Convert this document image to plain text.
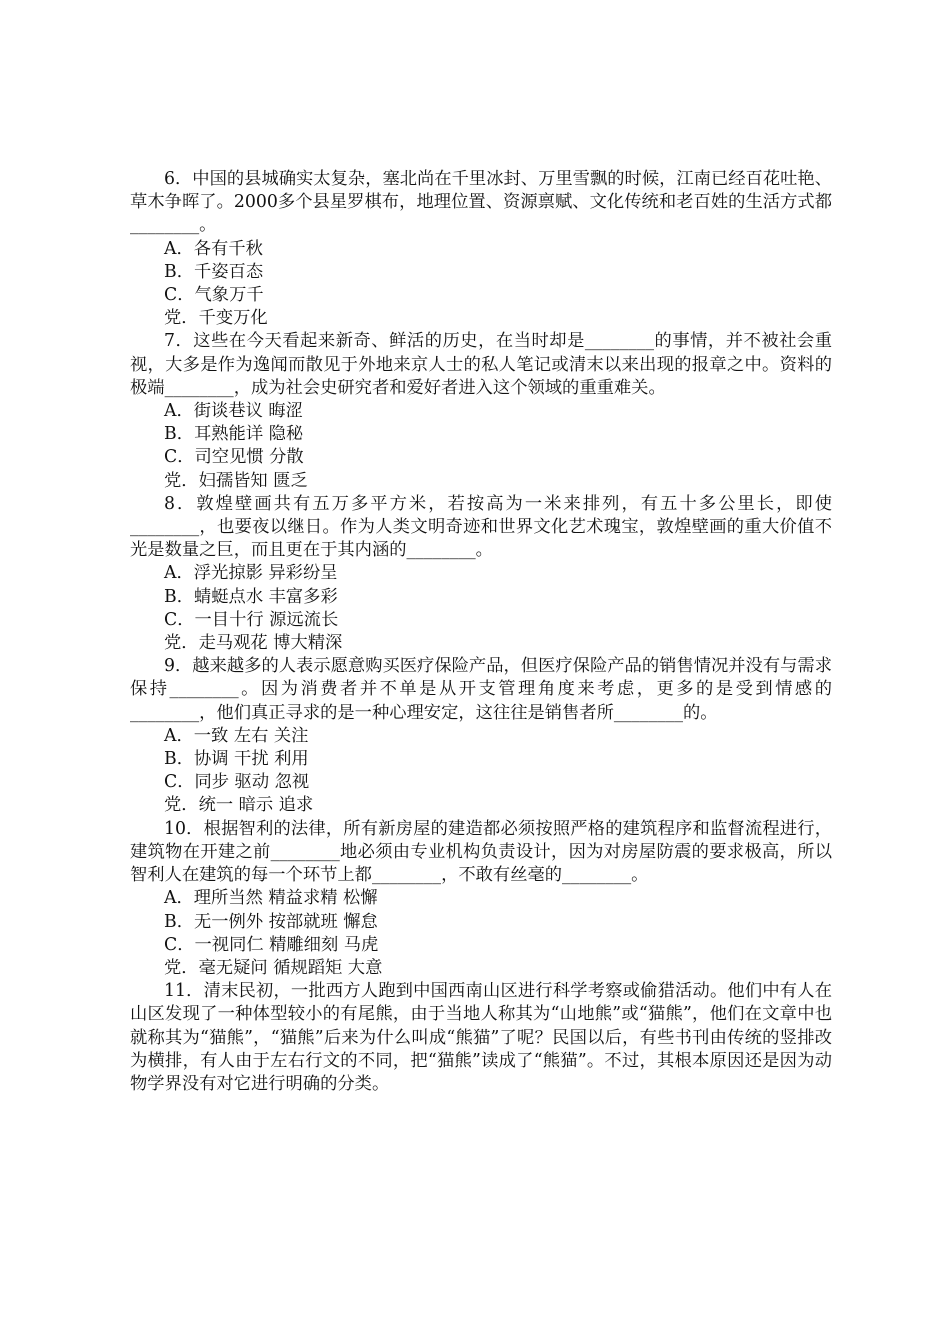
6．中国的县城确实太复杂，塞北尚在千里冰封、万里雪飘的时候，江南已经百花吐艳、草木争晖了。2000多个县星罗棋布，地理位置、资源禀赋、文化传统和老百姓的生活方式都________。

A．各有千秋

B．千姿百态

C．气象万千

党．千变万化

7．这些在今天看起来新奇、鲜活的历史，在当时却是________的事情，并不被社会重视，大多是作为逸闻而散见于外地来京人士的私人笔记或清末以来出现的报章之中。资料的极端________，成为社会史研究者和爱好者进入这个领域的重重难关。

A．街谈巷议 晦涩

B．耳熟能详 隐秘

C．司空见惯 分散

党．妇孺皆知 匮乏

8．敦煌壁画共有五万多平方米，若按高为一米来排列，有五十多公里长，即使________，也要夜以继日。作为人类文明奇迹和世界文化艺术瑰宝，敦煌壁画的重大价值不光是数量之巨，而且更在于其内涵的________。

A．浮光掠影 异彩纷呈

B．蜻蜓点水 丰富多彩

C．一目十行 源远流长

党．走马观花 博大精深

9．越来越多的人表示愿意购买医疗保险产品，但医疗保险产品的销售情况并没有与需求保持________。因为消费者并不单是从开支管理角度来考虑，更多的是受到情感的________，他们真正寻求的是一种心理安定，这往往是销售者所________的。

A．一致 左右 关注

B．协调 干扰 利用

C．同步 驱动 忽视

党．统一 暗示 追求

10．根据智利的法律，所有新房屋的建造都必须按照严格的建筑程序和监督流程进行，建筑物在开建之前________地必须由专业机构负责设计，因为对房屋防震的要求极高，所以智利人在建筑的每一个环节上都________，不敢有丝毫的________。

A．理所当然 精益求精 松懈

B．无一例外 按部就班 懈怠

C．一视同仁 精雕细刻 马虎

党．毫无疑问 循规蹈矩 大意

11．清末民初，一批西方人跑到中国西南山区进行科学考察或偷猎活动。他们中有人在山区发现了一种体型较小的有尾熊，由于当地人称其为“山地熊”或“猫熊”，他们在文章中也就称其为“猫熊”，“猫熊”后来为什么叫成“熊猫”了呢？民国以后，有些书刊由传统的竖排改为横排，有人由于左右行文的不同，把“猫熊”读成了“熊猫”。不过，其根本原因还是因为动物学界没有对它进行明确的分类。
